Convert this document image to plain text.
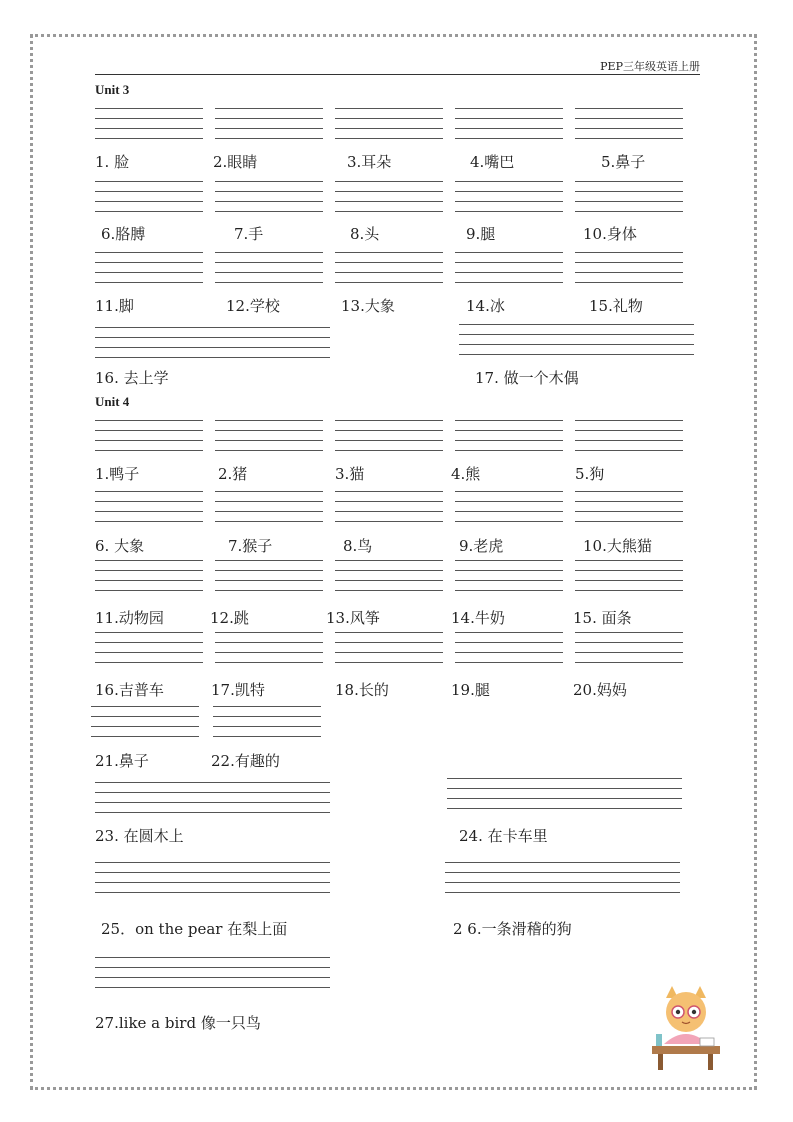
PEP三年级英语上册
Unit 3
Unit 4
1. 脸	2.眼睛	3.耳朵	4.嘴巴	5.鼻子
6.胳膊	7.手	8.头	9.腿	10.身体
11.脚	12.学校	13.大象	14.冰	15.礼物
16. 去上学	17. 做一个木偶
1.鸭子	2.猪	3.猫	4.熊	5.狗
6. 大象	7.猴子	8.鸟	9.老虎	10.大熊猫
11.动物园	12.跳	13.风筝	14.牛奶	15. 面条
16.吉普车	17.凯特	18.长的	19.腿	20.妈妈
21.鼻子	22.有趣的
23. 在圆木上	24. 在卡车里
25．on the pear 在梨上面	2 6.一条滑稽的狗
27.like a bird 像一只鸟
